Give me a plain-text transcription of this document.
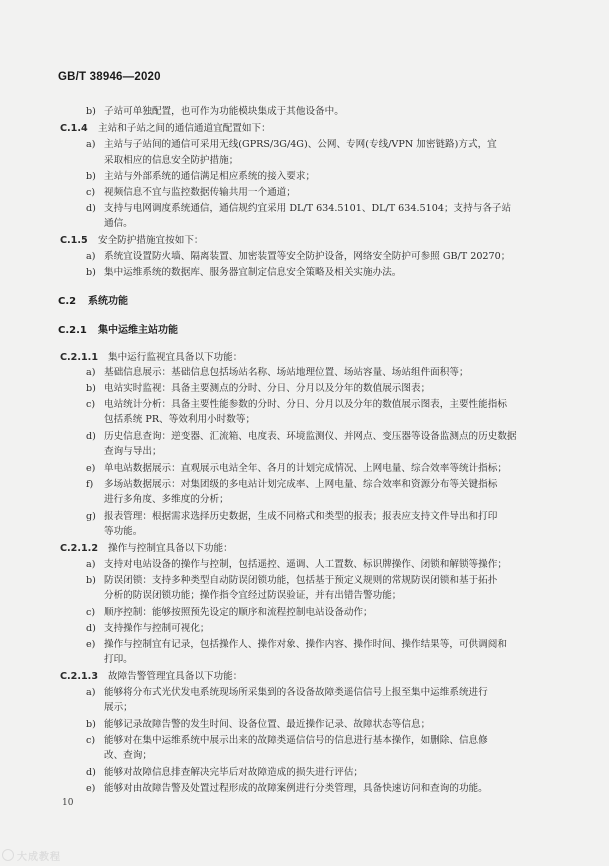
GB/T 38946—2020
b) 子站可单独配置，也可作为功能模块集成于其他设备中。
C.1.4 主站和子站之间的通信通道宜配置如下：
a) 主站与子站间的通信可采用无线(GPRS/3G/4G)、公网、专网(专线/VPN 加密链路)方式，宜
采取相应的信息安全防护措施；
b) 主站与外部系统的通信满足相应系统的接入要求；
c) 视频信息不宜与监控数据传输共用一个通道；
d) 支持与电网调度系统通信，通信规约宜采用 DL/T 634.5101、DL/T 634.5104；支持与各子站
通信。
C.1.5 安全防护措施宜按如下：
a) 系统宜设置防火墙、隔离装置、加密装置等安全防护设备，网络安全防护可参照 GB/T 20270；
b) 集中运维系统的数据库、服务器宜制定信息安全策略及相关实施办法。
C.2 系统功能
C.2.1 集中运维主站功能
C.2.1.1 集中运行监视宜具备以下功能：
a) 基础信息展示：基础信息包括场站名称、场站地理位置、场站容量、场站组件面积等；
b) 电站实时监视：具备主要测点的分时、分日、分月以及分年的数值展示图表；
c) 电站统计分析：具备主要性能参数的分时、分日、分月以及分年的数值展示图表，主要性能指标
包括系统 PR、等效利用小时数等；
d) 历史信息查询：逆变器、汇流箱、电度表、环境监测仪、并网点、变压器等设备监测点的历史数据
查询与导出；
e) 单电站数据展示：直观展示电站全年、各月的计划完成情况、上网电量、综合效率等统计指标；
f) 多场站数据展示：对集团级的多电站计划完成率、上网电量、综合效率和资源分布等关键指标
进行多角度、多维度的分析；
g) 报表管理：根据需求选择历史数据，生成不同格式和类型的报表；报表应支持文件导出和打印
等功能。
C.2.1.2 操作与控制宜具备以下功能：
a) 支持对电站设备的操作与控制，包括遥控、遥调、人工置数、标识牌操作、闭锁和解锁等操作；
b) 防误闭锁：支持多种类型自动防误闭锁功能，包括基于预定义规则的常规防误闭锁和基于拓扑
分析的防误闭锁功能；操作指令宜经过防误验证，并有出错告警功能；
c) 顺序控制：能够按照预先设定的顺序和流程控制电站设备动作；
d) 支持操作与控制可视化；
e) 操作与控制宜有记录，包括操作人、操作对象、操作内容、操作时间、操作结果等，可供调阅和
打印。
C.2.1.3 故障告警管理宜具备以下功能：
a) 能够将分布式光伏发电系统现场所采集到的各设备故障类遥信信号上报至集中运维系统进行
展示；
b) 能够记录故障告警的发生时间、设备位置、最近操作记录、故障状态等信息；
c) 能够对在集中运维系统中展示出来的故障类遥信信号的信息进行基本操作，如删除、信息修
改、查询；
d) 能够对故障信息排查解决完毕后对故障造成的损失进行评估；
e) 能够对由故障告警及处置过程形成的故障案例进行分类管理，具备快速访问和查询的功能。
10
大成教程
